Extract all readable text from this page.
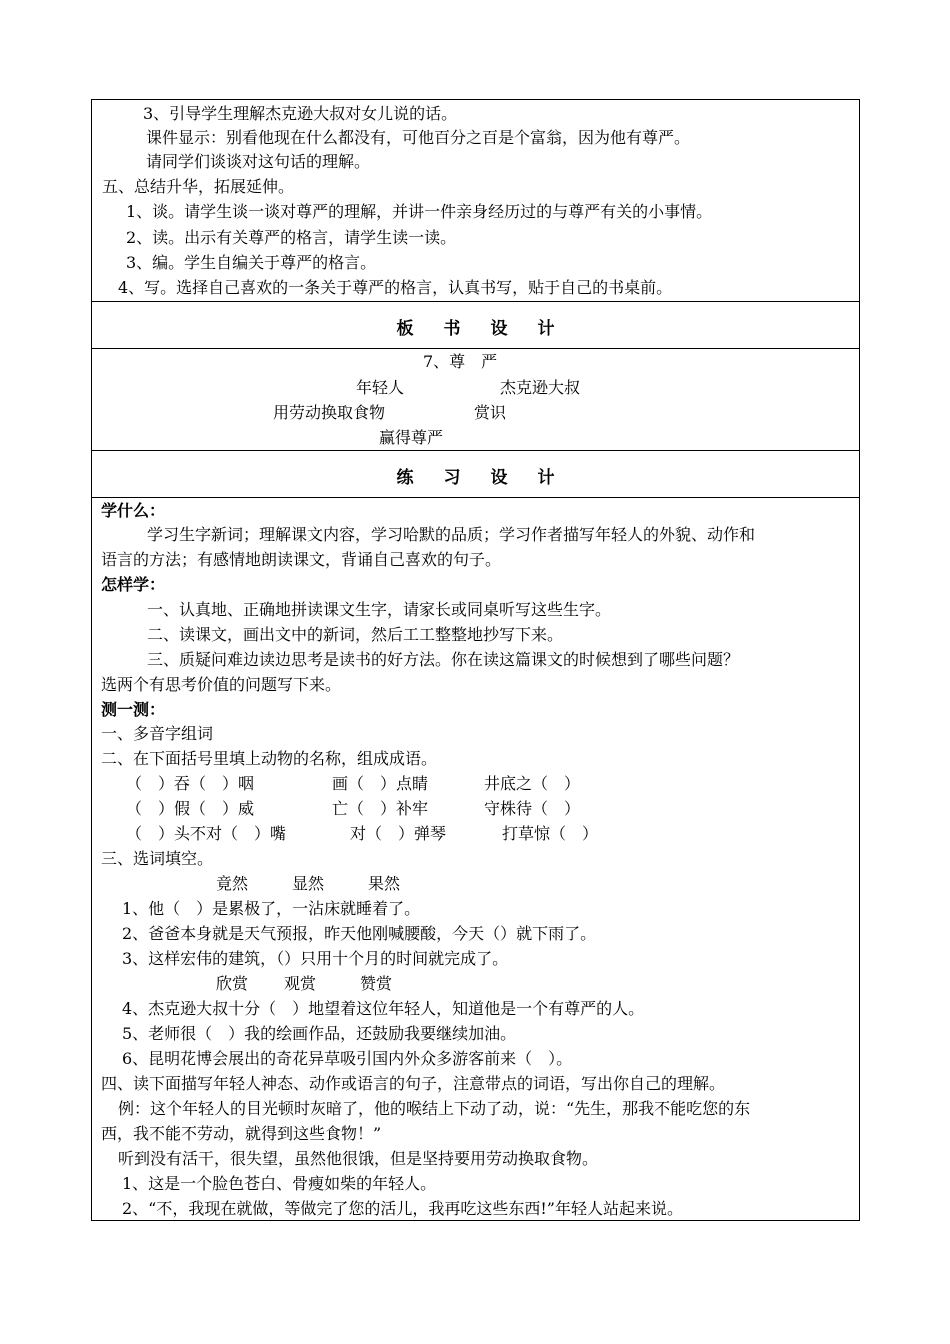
3、引导学生理解杰克逊大叔对女儿说的话。
课件显示：别看他现在什么都没有，可他百分之百是个富翁，因为他有尊严。
请同学们谈谈对这句话的理解。
五、总结升华，拓展延伸。
1、谈。请学生谈一谈对尊严的理解，并讲一件亲身经历过的与尊严有关的小事情。
2、读。出示有关尊严的格言，请学生读一读。
3、编。学生自编关于尊严的格言。
4、写。选择自己喜欢的一条关于尊严的格言，认真书写，贴于自己的书桌前。
板 书 设 计
7、尊　严
年轻人	杰克逊大叔
用劳动换取食物	赏识
赢得尊严
练 习 设 计
学什么：
学习生字新词；理解课文内容，学习哈默的品质；学习作者描写年轻人的外貌、动作和
语言的方法；有感情地朗读课文，背诵自己喜欢的句子。
怎样学：
一、认真地、正确地拼读课文生字，请家长或同桌听写这些生字。
二、读课文，画出文中的新词，然后工工整整地抄写下来。
三、质疑问难边读边思考是读书的好方法。你在读这篇课文的时候想到了哪些问题？
选两个有思考价值的问题写下来。
测一测：
一、多音字组词
二、在下面括号里填上动物的名称，组成成语。
（　）吞（　）咽	画（　）点睛	井底之（　）
（　）假（　）威	亡（　）补牢	守株待（　）
（　）头不对（　）嘴	对（　）弹琴	打草惊（　）
三、选词填空。
竟然	显然	果然
1、他（　）是累极了，一沾床就睡着了。
2、爸爸本身就是天气预报，昨天他刚喊腰酸，今天（）就下雨了。
3、这样宏伟的建筑，（）只用十个月的时间就完成了。
欣赏 观赏	赞赏
4、杰克逊大叔十分（　）地望着这位年轻人，知道他是一个有尊严的人。
5、老师很（　）我的绘画作品，还鼓励我要继续加油。
6、昆明花博会展出的奇花异草吸引国内外众多游客前来（　）。
四、读下面描写年轻人神态、动作或语言的句子，注意带点的词语，写出你自己的理解。
例：这个年轻人的目光顿时灰暗了，他的喉结上下动了动，说：“先生，那我不能吃您的东
西，我不能不劳动，就得到这些食物！”
听到没有活干，很失望，虽然他很饿，但是坚持要用劳动换取食物。
1、这是一个脸色苍白、骨瘦如柴的年轻人。
2、“不，我现在就做，等做完了您的活儿，我再吃这些东西!”年轻人站起来说。
